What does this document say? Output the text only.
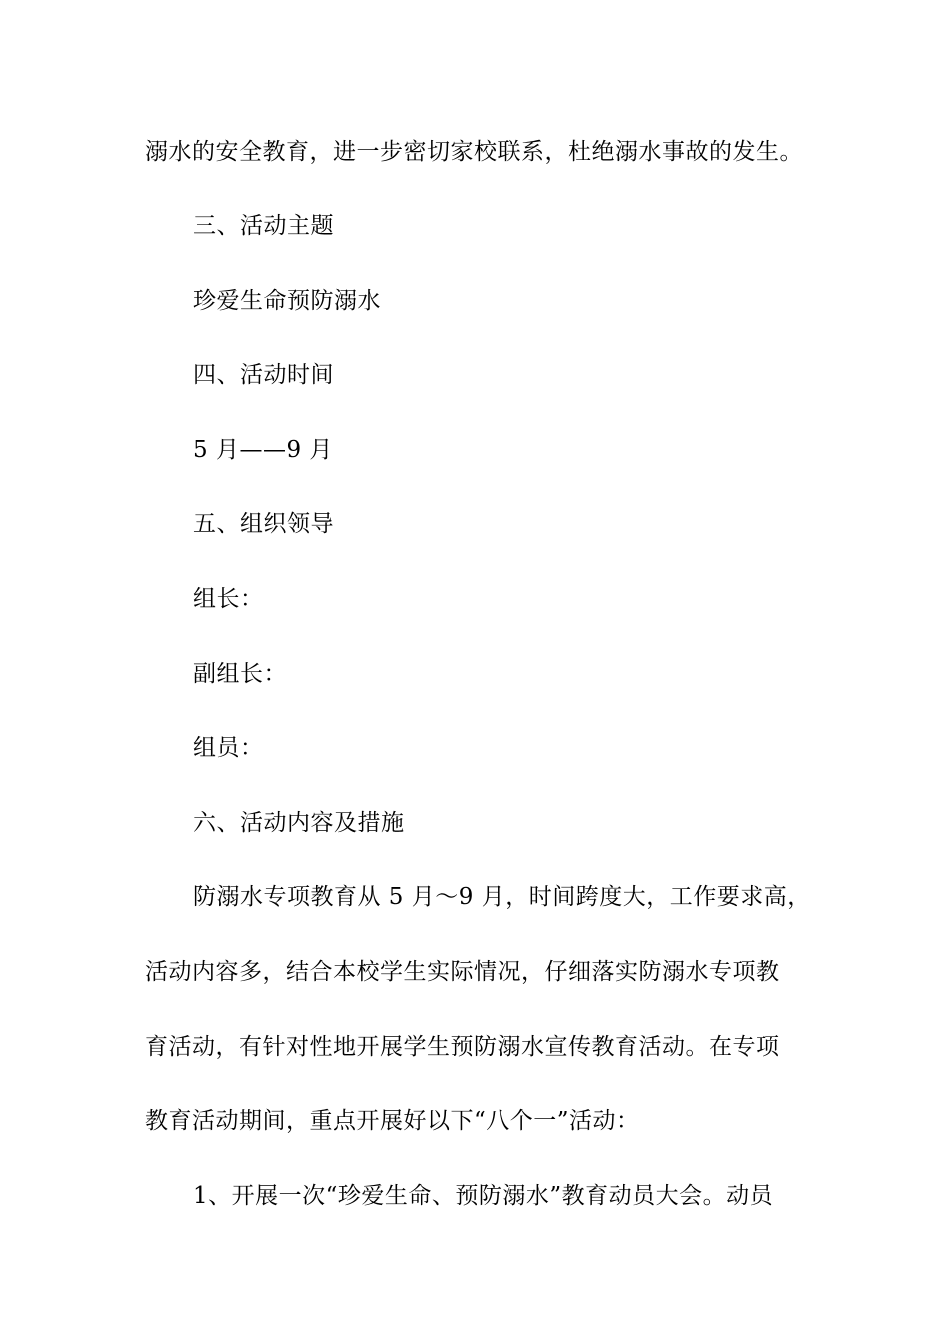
溺水的安全教育，进一步密切家校联系，杜绝溺水事故的发生。
三、活动主题
珍爱生命预防溺水
四、活动时间
5 月——9 月
五、组织领导
组长：
副组长：
组员：
六、活动内容及措施
防溺水专项教育从 5 月～9 月，时间跨度大，工作要求高，
活动内容多，结合本校学生实际情况，仔细落实防溺水专项教
育活动，有针对性地开展学生预防溺水宣传教育活动。在专项
教育活动期间，重点开展好以下“八个一”活动：
1、开展一次“珍爱生命、预防溺水”教育动员大会。动员
